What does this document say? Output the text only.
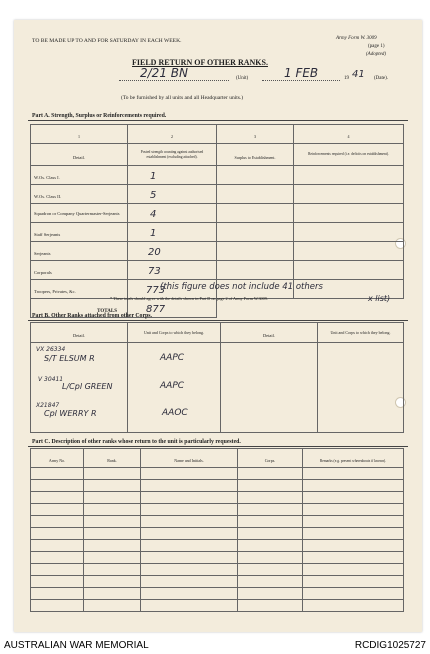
TO BE MADE UP TO AND FOR SATURDAY IN EACH WEEK.	Army Form W. 3009
(page 1)
(Adopted)
FIELD RETURN OF OTHER RANKS.
2/21 BN	(Unit)	1 FEB	19 41 (Date).
(To be furnished by all units and all Headquarter units.)
Part A. Strength, Surplus or Reinforcements required.
1	2	3	4
Detail.	Posted strength counting against authorised establishment (excluding attached).	Surplus to Establishment.	Reinforcements required (i.e. deficits on establishment).

W.Os. Class I.	1		
W.Os. Class II.	5		

Squadron or Company Quartermaster-Serjeants	4		
Staff Serjeants	1		
Serjeants	20		
Corporals	73		
Troopers, Privates, &c.	773		
TOTALS	877		
(this figure does not include 41 others
x list)
* These totals should agree with the details shown in Part D on page 2 of Army Form W.3009.
Part B. Other Ranks attached from other Corps.
Detail.	Unit and Corps to which they belong.	Detail.	Unit and Corps to which they belong.

VX 26334
S/T ELSUM R	AAPC
V 30411
L/Cpl GREEN	AAPC
X21847
Cpl WERRY R	AAOC
Part C. Description of other ranks whose return to the unit is particularly requested.
Army No.	Rank.	Name and Initials.	Corps.	Remarks (e.g. present whereabouts if known).

AUSTRALIAN WAR MEMORIAL	RCDIG1025727
